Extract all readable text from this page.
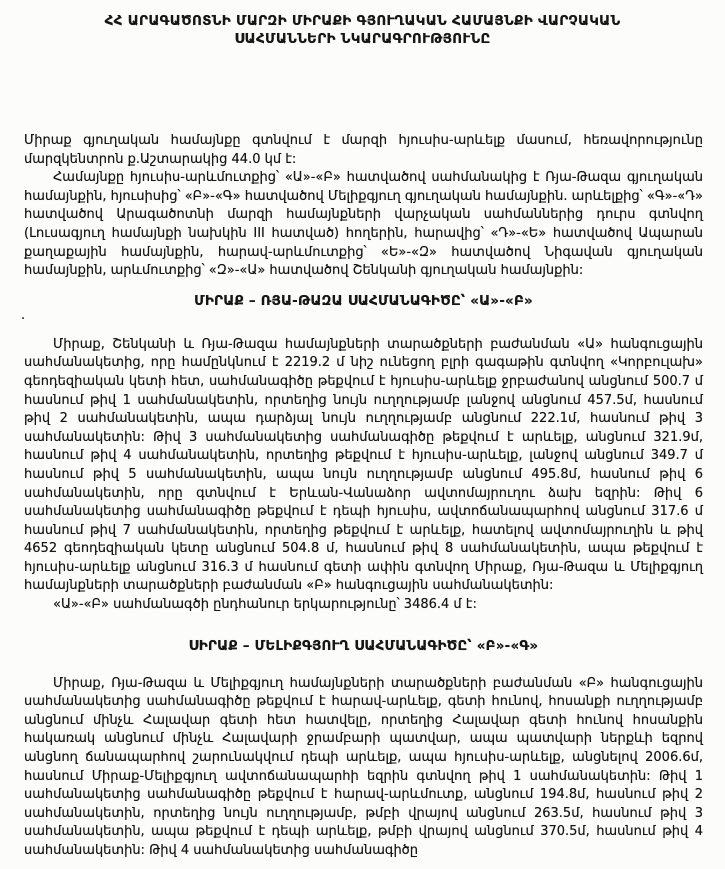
ՀՀ ԱՐԱԳԱԾՈՏՆԻ ՄԱՐԶԻ ՄԻՐԱՔԻ ԳՅՈՒՂԱԿԱՆ ՀԱՄԱՅՆՔԻ ՎԱՐՉԱԿԱՆ
ՍԱՀՄԱՆՆԵՐԻ ՆԿԱՐԱԳՐՈՒԹՅՈՒՆԸ
.

Միրաք գյուղական համայնքը գտնվում է մարզի հյուսիս-արևելք մասում, հեռավորությունը մարզկենտրոն ք.Աշտարակից 44.0 կմ է:

Համայնքը հյուսիս-արևմուտքից՝ «Ա»-«Բ» հատվածով սահմանակից է Ռյա-Թազա գյուղական համայնքին, հյուսիսից՝ «Բ»-«Գ» հատվածով Մելիքգյուղ գյուղական համայնքին. արևելքից՝ «Գ»-«Դ» հատվածով Արագածոտնի մարզի համայնքների վարչական սահմաններից դուրս գտնվող (Լուսագյուղ համայնքի նախկին III հատված) հողերին, հարավից՝ «Դ»-«Ե» հատվածով Ապարան քաղաքային համայնքին, հարավ-արևմուտքից՝ «Ե»-«Զ» հատվածով Նիգավան գյուղական համայնքին, արևմուտքից՝ «Զ»-«Ա» հատվածով Շենկանի գյուղական համայնքին:

ՄԻՐԱՔ – ՌՅԱ-ԹԱԶԱ ՍԱՀՄԱՆԱԳԻԾԸ՝ «Ա»-«Բ»

Միրաք, Շենկանի և Ռյա-Թազա համայնքների տարածքների բաժանման «Ա» հանգուցային սահմանակետից, որը համընկնում է 2219.2 մ նիշ ունեցող բլրի գագաթին գտնվող «Կորբուլախ» գեոդեզիական կետի հետ, սահմանագիծը թեքվում է հյուսիս-արևելք ջրբաժանով անցնում 500.7 մ հասնում թիվ 1 սահմանակետին, որտեղից նույն ուղղությամբ լանջով անցնում 457.5մ, հասնում թիվ 2 սահմանակետին, ապա դարձյալ նույն ուղղությամբ անցնում 222.1մ, հասնում թիվ 3 սահմանակետին: Թիվ 3 սահմանակետից սահմանագիծը թեքվում է արևելք, անցնում 321.9մ, հասնում թիվ 4 սահմանակետին, որտեղից թեքվում է հյուսիս-արևելք, լանջով անցնում 349.7 մ հասնում թիվ 5 սահմանակետին, ապա նույն ուղղությամբ անցնում 495.8մ, հասնում թիվ 6 սահմանակետին, որը գտնվում է Երևան-Վանաձոր ավտոմայրուղու ձախ եզրին: Թիվ 6 սահմանակետից սահմանագիծը թեքվում է դեպի հյուսիս, ավտոճանապարհով անցնում 317.6 մ հասնում թիվ 7 սահմանակետին, որտեղից թեքվում է արևելք, հատելով ավտոմայրուղին և թիվ 4652 գեոդեզիական կետը անցնում 504.8 մ, հասնում թիվ 8 սահմանակետին, ապա թեքվում է հյուսիս-արևելք անցնում 316.3 մ հասնում գետի ափին գտնվող Միրաք, Ռյա-Թազա և Մելիքգյուղ համայնքների տարածքների բաժանման «Բ» հանգուցային սահմանակետին:

«Ա»-«Բ» սահմանագծի ընդհանուր երկարությունը՝ 3486.4 մ է:

ՍԻՐԱՔ – ՄԵԼԻՔԳՅՈՒՂ ՍԱՀՄԱՆԱԳԻԾԸ՝ «Բ»-«Գ»

Միրաք, Ռյա-Թազա և Մելիքգյուղ համայնքների տարածքների բաժանման «Բ» հանգուցային սահմանակետից սահմանագիծը թեքվում է հարավ-արևելք, գետի հունով, հոսանքի ուղղությամբ անցնում մինչև Հալավար գետի հետ հատվելը, որտեղից Հալավար գետի հունով հոսանքին հակառակ անցնում մինչև Հալավարի ջրամբարի պատվար, ապա պատվարի ներքևի եզրով անցնող ճանապարհով շարունակվում դեպի արևելք, ապա հյուսիս-արևելք, անցնելով 2006.6մ, հասնում Միրաք-Մելիքգյուղ ավտոճանապարհի եզրին գտնվող թիվ 1 սահմանակետին: Թիվ 1 սահմանակետից սահմանագիծը թեքվում է հարավ-արևմուտք, անցնում 194.8մ, հասնում թիվ 2 սահմանակետին, որտեղից նույն ուղղությամբ, թմբի վրայով անցնում 263.5մ, հասնում թիվ 3 սահմանակետին, ապա թեքվում է դեպի արևելք, թմբի վրայով անցնում 370.5մ, հասնում թիվ 4 սահմանակետին: Թիվ 4 սահմանակետից սահմանագիծը
